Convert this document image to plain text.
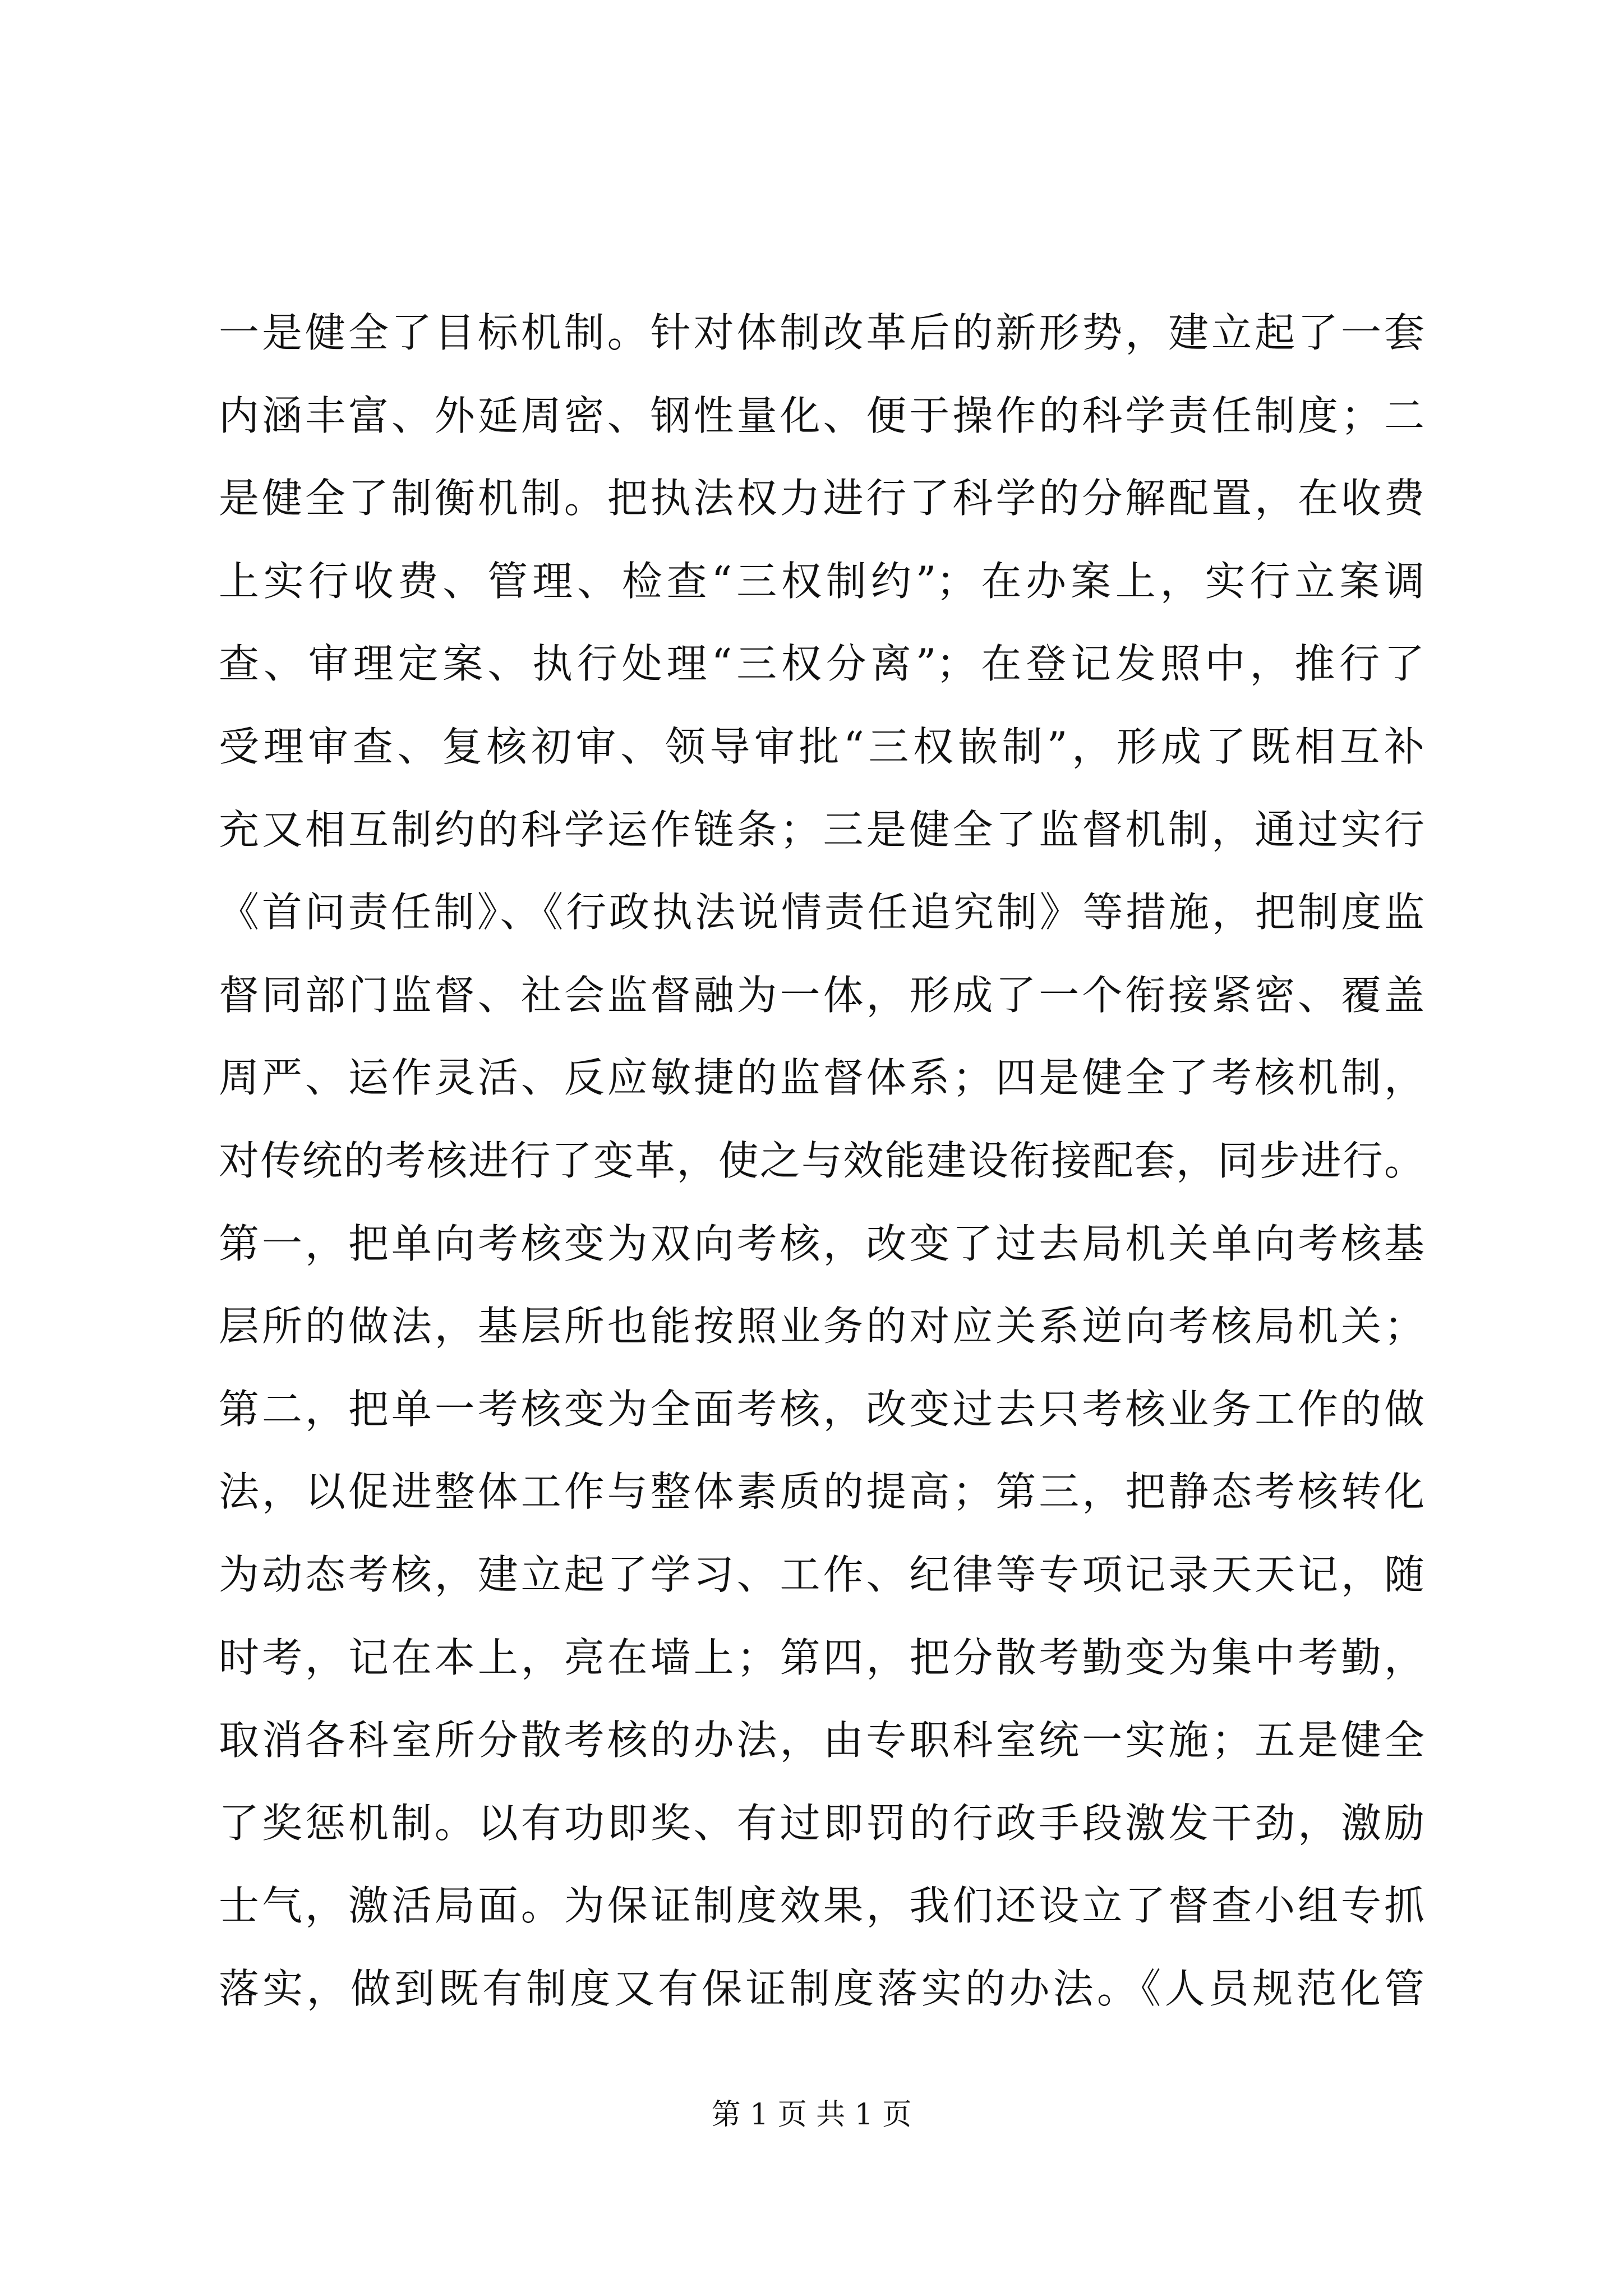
一是健全了目标机制。针对体制改革后的新形势，建立起了一套
内涵丰富、外延周密、钢性量化、便于操作的科学责任制度；二
是健全了制衡机制。把执法权力进行了科学的分解配置，在收费
上实行收费、管理、检查“三权制约”；在办案上，实行立案调
查、审理定案、执行处理“三权分离”；在登记发照中，推行了
受理审查、复核初审、领导审批“三权嵌制”，形成了既相互补
充又相互制约的科学运作链条；三是健全了监督机制，通过实行
《首问责任制》、《行政执法说情责任追究制》等措施，把制度监
督同部门监督、社会监督融为一体，形成了一个衔接紧密、覆盖
周严、运作灵活、反应敏捷的监督体系；四是健全了考核机制，
对传统的考核进行了变革，使之与效能建设衔接配套，同步进行。
第一，把单向考核变为双向考核，改变了过去局机关单向考核基
层所的做法，基层所也能按照业务的对应关系逆向考核局机关；
第二，把单一考核变为全面考核，改变过去只考核业务工作的做
法，以促进整体工作与整体素质的提高；第三，把静态考核转化
为动态考核，建立起了学习、工作、纪律等专项记录天天记，随
时考，记在本上，亮在墙上；第四，把分散考勤变为集中考勤，
取消各科室所分散考核的办法，由专职科室统一实施；五是健全
了奖惩机制。以有功即奖、有过即罚的行政手段激发干劲，激励
士气，激活局面。为保证制度效果，我们还设立了督查小组专抓
落实，做到既有制度又有保证制度落实的办法。《人员规范化管
第 1 页 共 1 页
